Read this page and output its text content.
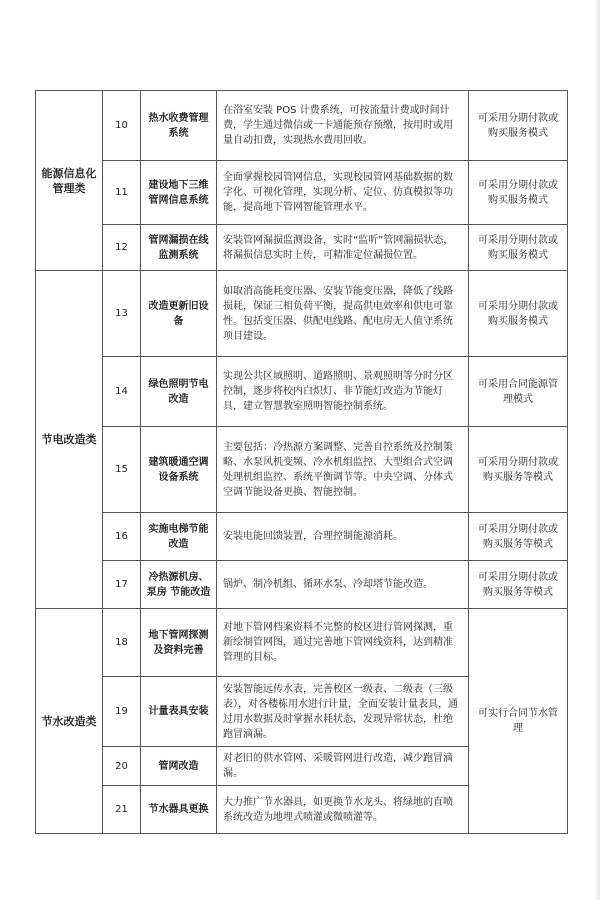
能源信息化管理类	10	热水收费管理系统	在浴室安装 POS 计费系统，可按流量计费或时间计费，学生通过微信或一卡通能预存预缴，按用时或用量自动扣费，实现热水费用回收。	可采用分期付款或购买服务模式
	11	建设地下三维管网信息系统	全面掌握校园管网信息，实现校园管网基础数据的数字化、可视化管理，实现分析、定位、仿真模拟等功能，提高地下管网智能管理水平。	可采用分期付款或购买服务模式
	12	管网漏损在线监测系统	安装管网漏损监测设备，实时“监听”管网漏损状态，将漏损信息实时上传，可精准定位漏损位置。	可采用分期付款或购买服务模式
节电改造类	13	改造更新旧设备	如取消高能耗变压器、安装节能变压器，降低了线路损耗，保证三相负荷平衡，提高供电效率和供电可靠性。包括变压器、供配电线路、配电房无人值守系统项目建设。	可采用分期付款或购买服务模式
	14	绿色照明节电改造	实现公共区域照明、道路照明、景观照明等分时分区控制，逐步将校内白炽灯、非节能灯改造为节能灯具，建立智慧教室照明智能控制系统。	可采用合同能源管理模式
	15	建筑暖通空调设备系统	主要包括：冷热源方案调整、完善自控系统及控制策略、水泵风机变频、冷水机组监控、大型组合式空调处理机组监控、系统平衡调节等。中央空调、分体式空调节能设备更换、智能控制。	可采用分期付款或购买服务等模式
	16	实施电梯节能改造	安装电能回馈装置，合理控制能源消耗。	可采用分期付款或购买服务等模式
	17	冷热源机房、泵房 节能改造	锅炉、制冷机组、循环水泵、冷却塔节能改造。	可采用分期付款或购买服务等模式
节水改造类	18	地下管网探测及资料完善	对地下管网档案资料不完整的校区进行管网探测，重新绘制管网图，通过完善地下管网线资料，达到精准管理的目标。	可实行合同节水管理
	19	计量表具安装	安装智能远传水表，完善校区一级表、二级表（三级表），对各楼栋用水进行计量，全面安装计量表具，通过用水数据及时掌握水耗状态，发现异常状态，杜绝跑冒滴漏。	
	20	管网改造	对老旧的供水管网、采暖管网进行改造，减少跑冒滴漏。	
	21	节水器具更换	大力推广节水器具，如更换节水龙头、将绿地的直喷系统改造为地埋式喷灌或微喷灌等。	
